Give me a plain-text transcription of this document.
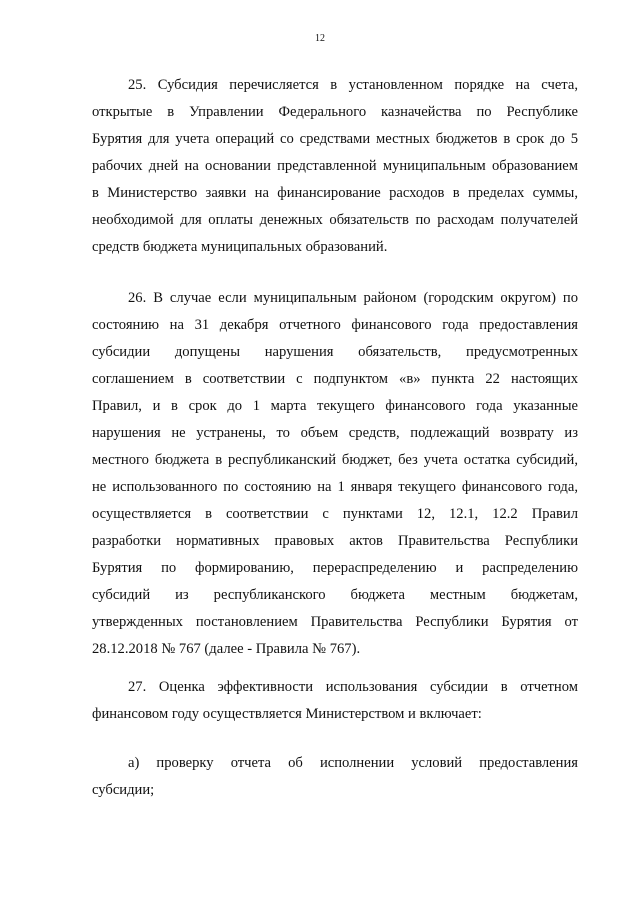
12
25. Субсидия перечисляется в установленном порядке на счета,
открытые в Управлении Федерального казначейства по Республике
Бурятия для учета операций со средствами местных бюджетов в срок до 5
рабочих дней на основании представленной муниципальным образованием
в Министерство заявки на финансирование расходов в пределах суммы,
необходимой для оплаты денежных обязательств по расходам получателей
средств бюджета муниципальных образований.
26. В случае если муниципальным районом (городским округом) по
состоянию на 31 декабря отчетного финансового года предоставления
субсидии допущены нарушения обязательств, предусмотренных
соглашением в соответствии с подпунктом «в» пункта 22 настоящих
Правил, и в срок до 1 марта текущего финансового года указанные
нарушения не устранены, то объем средств, подлежащий возврату из
местного бюджета в республиканский бюджет, без учета остатка субсидий,
не использованного по состоянию на 1 января текущего финансового года,
осуществляется в соответствии с пунктами 12, 12.1, 12.2 Правил
разработки нормативных правовых актов Правительства Республики
Бурятия по формированию, перераспределению и распределению
субсидий из республиканского бюджета местным бюджетам,
утвержденных постановлением Правительства Республики Бурятия от
28.12.2018 № 767 (далее - Правила № 767).
27. Оценка эффективности использования субсидии в отчетном
финансовом году осуществляется Министерством и включает:
а) проверку отчета об исполнении условий предоставления
субсидии;
